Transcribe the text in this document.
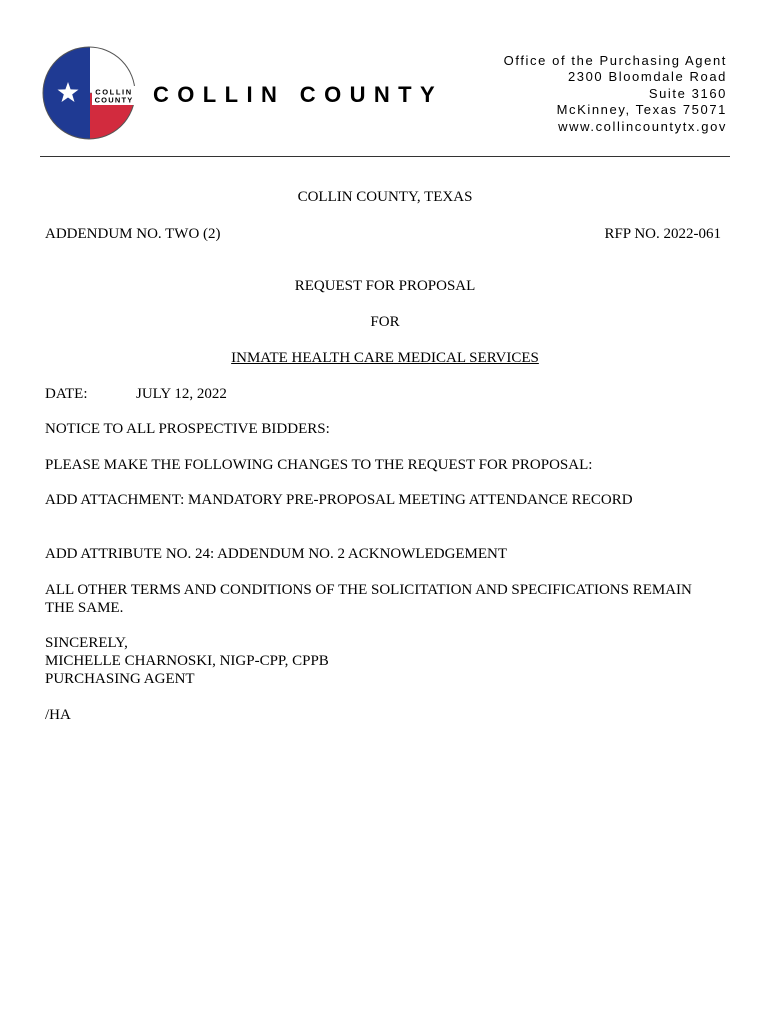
COLLIN
COUNTY COLLIN COUNTY
Office of the Purchasing Agent
2300 Bloomdale Road
Suite 3160
McKinney, Texas 75071
www.collincountytx.gov
COLLIN COUNTY, TEXAS
ADDENDUM NO. TWO (2)	RFP NO. 2022-061
REQUEST FOR PROPOSAL
FOR
INMATE HEALTH CARE MEDICAL SERVICES
DATE:	JULY 12, 2022
NOTICE TO ALL PROSPECTIVE BIDDERS:
PLEASE MAKE THE FOLLOWING CHANGES TO THE REQUEST FOR PROPOSAL:
ADD ATTACHMENT: MANDATORY PRE-PROPOSAL MEETING ATTENDANCE RECORD
ADD ATTRIBUTE NO. 24: ADDENDUM NO. 2 ACKNOWLEDGEMENT
ALL OTHER TERMS AND CONDITIONS OF THE SOLICITATION AND SPECIFICATIONS REMAIN
THE SAME.
SINCERELY,
MICHELLE CHARNOSKI, NIGP-CPP, CPPB
PURCHASING AGENT
/HA
